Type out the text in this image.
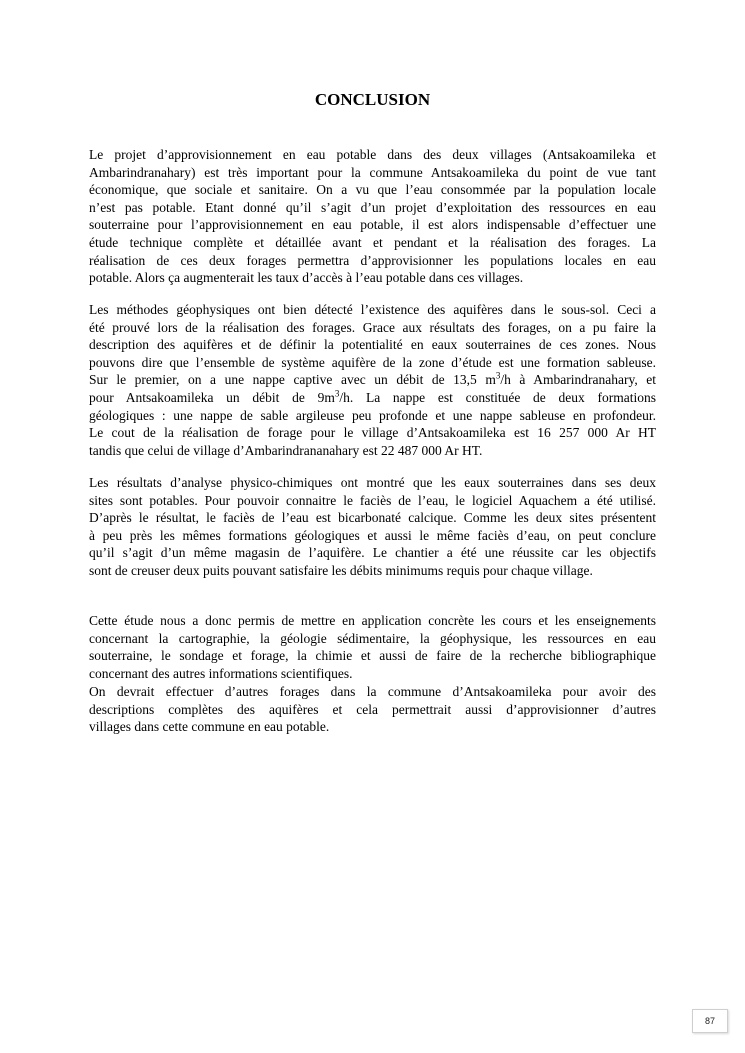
CONCLUSION

Le projet d’approvisionnement en eau potable dans des deux villages (Antsakoamileka et
Ambarindranahary) est très important pour la commune Antsakoamileka du point de vue tant
économique, que sociale et sanitaire. On a vu que l’eau consommée par la population locale
n’est pas potable. Etant donné qu’il s’agit d’un projet d’exploitation des ressources en eau
souterraine pour l’approvisionnement en eau potable, il est alors indispensable d’effectuer une
étude technique complète et détaillée avant et pendant et la réalisation des forages. La
réalisation de ces deux forages permettra d’approvisionner les populations locales en eau
potable. Alors ça augmenterait les taux d’accès à l’eau potable dans ces villages.

Les méthodes géophysiques ont bien détecté l’existence des aquifères dans le sous-sol. Ceci a
été prouvé lors de la réalisation des forages. Grace aux résultats des forages, on a pu faire la
description des aquifères et de définir la potentialité en eaux souterraines de ces zones. Nous
pouvons dire que l’ensemble de système aquifère de la zone d’étude est une formation sableuse.
Sur le premier, on a une nappe captive avec un débit de 13,5 $m^3/h$ à Ambarindranahary, et
pour Antsakoamileka un débit de $9m^3/h$. La nappe est constituée de deux formations
géologiques : une nappe de sable argileuse peu profonde et une nappe sableuse en profondeur.
Le cout de la réalisation de forage pour le village d’Antsakoamileka est 16 257 000 Ar HT
tandis que celui de village d’Ambarindrananahary est 22 487 000 Ar HT.

Les résultats d’analyse physico-chimiques ont montré que les eaux souterraines dans ses deux
sites sont potables. Pour pouvoir connaitre le faciès de l’eau, le logiciel Aquachem a été utilisé.
D’après le résultat, le faciès de l’eau est bicarbonaté calcique. Comme les deux sites présentent
à peu près les mêmes formations géologiques et aussi le même faciès d’eau, on peut conclure
qu’il s’agit d’un même magasin de l’aquifère. Le chantier a été une réussite car les objectifs
sont de creuser deux puits pouvant satisfaire les débits minimums requis pour chaque village.

Cette étude nous a donc permis de mettre en application concrète les cours et les enseignements
concernant la cartographie, la géologie sédimentaire, la géophysique, les ressources en eau
souterraine, le sondage et forage, la chimie et aussi de faire de la recherche bibliographique
concernant des autres informations scientifiques.

On devrait effectuer d’autres forages dans la commune d’Antsakoamileka pour avoir des
descriptions complètes des aquifères et cela permettrait aussi d’approvisionner d’autres
villages dans cette commune en eau potable.

87
